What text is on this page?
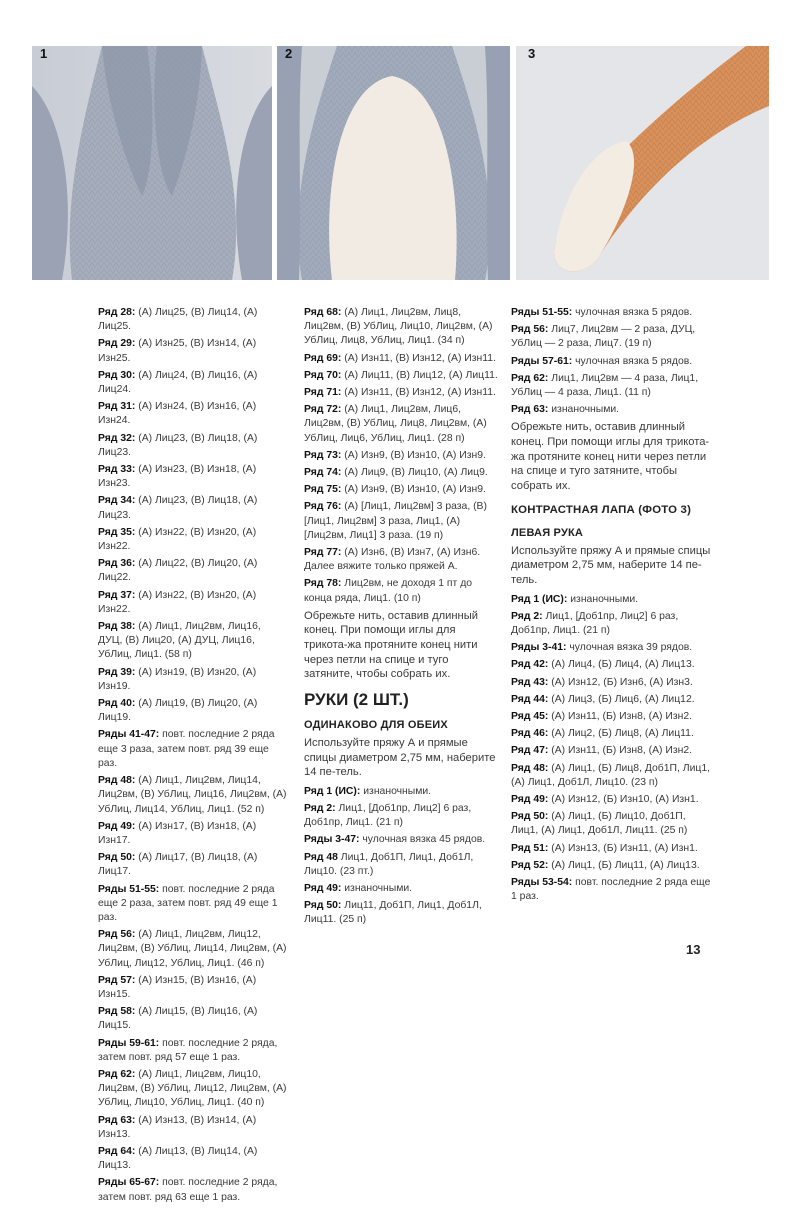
1	2	3

Ряд 28: (А) Лиц25, (В) Лиц14, (А) Лиц25.

Ряд 29: (А) Изн25, (В) Изн14, (А) Изн25.

Ряд 30: (А) Лиц24, (В) Лиц16, (А) Лиц24.

Ряд 31: (А) Изн24, (В) Изн16, (А) Изн24.

Ряд 32: (А) Лиц23, (В) Лиц18, (А) Лиц23.

Ряд 33: (А) Изн23, (В) Изн18, (А) Изн23.

Ряд 34: (А) Лиц23, (В) Лиц18, (А) Лиц23.

Ряд 35: (А) Изн22, (В) Изн20, (А) Изн22.

Ряд 36: (А) Лиц22, (В) Лиц20, (А) Лиц22.

Ряд 37: (А) Изн22, (В) Изн20, (А) Изн22.

Ряд 38: (А) Лиц1, Лиц2вм, Лиц16, ДУЦ, (В) Лиц20, (А) ДУЦ, Лиц16, УбЛиц, Лиц1. (58 п)

Ряд 39: (А) Изн19, (В) Изн20, (А) Изн19.

Ряд 40: (А) Лиц19, (В) Лиц20, (А) Лиц19.

Ряды 41-47: повт. последние 2 ряда еще 3 раза, затем повт. ряд 39 еще раз.

Ряд 48: (А) Лиц1, Лиц2вм, Лиц14, Лиц2вм, (В) УбЛиц, Лиц16, Лиц2вм, (А) УбЛиц, Лиц14, УбЛиц, Лиц1. (52 п)

Ряд 49: (А) Изн17, (В) Изн18, (А) Изн17.

Ряд 50: (А) Лиц17, (В) Лиц18, (А) Лиц17.

Ряды 51-55: повт. последние 2 ряда еще 2 раза, затем повт. ряд 49 еще 1 раз.

Ряд 56: (А) Лиц1, Лиц2вм, Лиц12, Лиц2вм, (В) УбЛиц, Лиц14, Лиц2вм, (А) УбЛиц, Лиц12, УбЛиц, Лиц1. (46 п)

Ряд 57: (А) Изн15, (В) Изн16, (А) Изн15.

Ряд 58: (А) Лиц15, (В) Лиц16, (А) Лиц15.

Ряды 59-61: повт. последние 2 ряда, затем повт. ряд 57 еще 1 раз.

Ряд 62: (А) Лиц1, Лиц2вм, Лиц10, Лиц2вм, (В) УбЛиц, Лиц12, Лиц2вм, (А) УбЛиц, Лиц10, УбЛиц, Лиц1. (40 п)

Ряд 63: (А) Изн13, (В) Изн14, (А) Изн13.

Ряд 64: (А) Лиц13, (В) Лиц14, (А) Лиц13.

Ряды 65-67: повт. последние 2 ряда, затем повт. ряд 63 еще 1 раз.

Ряд 68: (А) Лиц1, Лиц2вм, Лиц8, Лиц2вм, (В) УбЛиц, Лиц10, Лиц2вм, (А) УбЛиц, Лиц8, УбЛиц, Лиц1. (34 п)

Ряд 69: (А) Изн11, (В) Изн12, (А) Изн11.

Ряд 70: (А) Лиц11, (В) Лиц12, (А) Лиц11.

Ряд 71: (А) Изн11, (В) Изн12, (А) Изн11.

Ряд 72: (А) Лиц1, Лиц2вм, Лиц6, Лиц2вм, (В) УбЛиц, Лиц8, Лиц2вм, (А) УбЛиц, Лиц6, УбЛиц, Лиц1. (28 п)

Ряд 73: (А) Изн9, (В) Изн10, (А) Изн9.

Ряд 74: (А) Лиц9, (В) Лиц10, (А) Лиц9.

Ряд 75: (А) Изн9, (В) Изн10, (А) Изн9.

Ряд 76: (А) [Лиц1, Лиц2вм] 3 раза, (В) [Лиц1, Лиц2вм] 3 раза, Лиц1, (А) [Лиц2вм, Лиц1] 3 раза. (19 п)

Ряд 77: (А) Изн6, (В) Изн7, (А) Изн6. Далее вяжите только пряжей А.

Ряд 78: Лиц2вм, не доходя 1 пт до конца ряда, Лиц1. (10 п)

Обрежьте нить, оставив длинный конец. При помощи иглы для трикота-жа протяните конец нити через петли на спице и туго затяните, чтобы собрать их.

РУКИ (2 ШТ.)
ОДИНАКОВО ДЛЯ ОБЕИХ

Используйте пряжу А и прямые спицы диаметром 2,75 мм, наберите 14 пе-тель.

Ряд 1 (ИС): изнаночными.

Ряд 2: Лиц1, [Доб1пр, Лиц2] 6 раз, Доб1пр, Лиц1. (21 п)

Ряды 3-47: чулочная вязка 45 рядов.

Ряд 48 Лиц1, Доб1П, Лиц1, Доб1Л, Лиц10. (23 пт.)

Ряд 49: изнаночными.

Ряд 50: Лиц11, Доб1П, Лиц1, Доб1Л, Лиц11. (25 п)

Ряды 51-55: чулочная вязка 5 рядов.

Ряд 56: Лиц7, Лиц2вм — 2 раза, ДУЦ, УбЛиц — 2 раза, Лиц7. (19 п)

Ряды 57-61: чулочная вязка 5 рядов.

Ряд 62: Лиц1, Лиц2вм — 4 раза, Лиц1, УбЛиц — 4 раза, Лиц1. (11 п)

Ряд 63: изнаночными.

Обрежьте нить, оставив длинный конец. При помощи иглы для трикота-жа протяните конец нити через петли на спице и туго затяните, чтобы собрать их.

КОНТРАСТНАЯ ЛАПА (ФОТО 3)
ЛЕВАЯ РУКА

Используйте пряжу А и прямые спицы диаметром 2,75 мм, наберите 14 пе-тель.

Ряд 1 (ИС): изнаночными.

Ряд 2: Лиц1, [Доб1пр, Лиц2] 6 раз, Доб1пр, Лиц1. (21 п)

Ряды 3-41: чулочная вязка 39 рядов.

Ряд 42: (А) Лиц4, (Б) Лиц4, (А) Лиц13.

Ряд 43: (А) Изн12, (Б) Изн6, (А) Изн3.

Ряд 44: (А) Лиц3, (Б) Лиц6, (А) Лиц12.

Ряд 45: (А) Изн11, (Б) Изн8, (А) Изн2.

Ряд 46: (А) Лиц2, (Б) Лиц8, (А) Лиц11.

Ряд 47: (А) Изн11, (Б) Изн8, (А) Изн2.

Ряд 48: (А) Лиц1, (Б) Лиц8, Доб1П, Лиц1, (А) Лиц1, Доб1Л, Лиц10. (23 п)

Ряд 49: (А) Изн12, (Б) Изн10, (А) Изн1.

Ряд 50: (А) Лиц1, (Б) Лиц10, Доб1П, Лиц1, (А) Лиц1, Доб1Л, Лиц11. (25 п)

Ряд 51: (А) Изн13, (Б) Изн11, (А) Изн1.

Ряд 52: (А) Лиц1, (Б) Лиц11, (А) Лиц13.

Ряды 53-54: повт. последние 2 ряда еще 1 раз.

13
